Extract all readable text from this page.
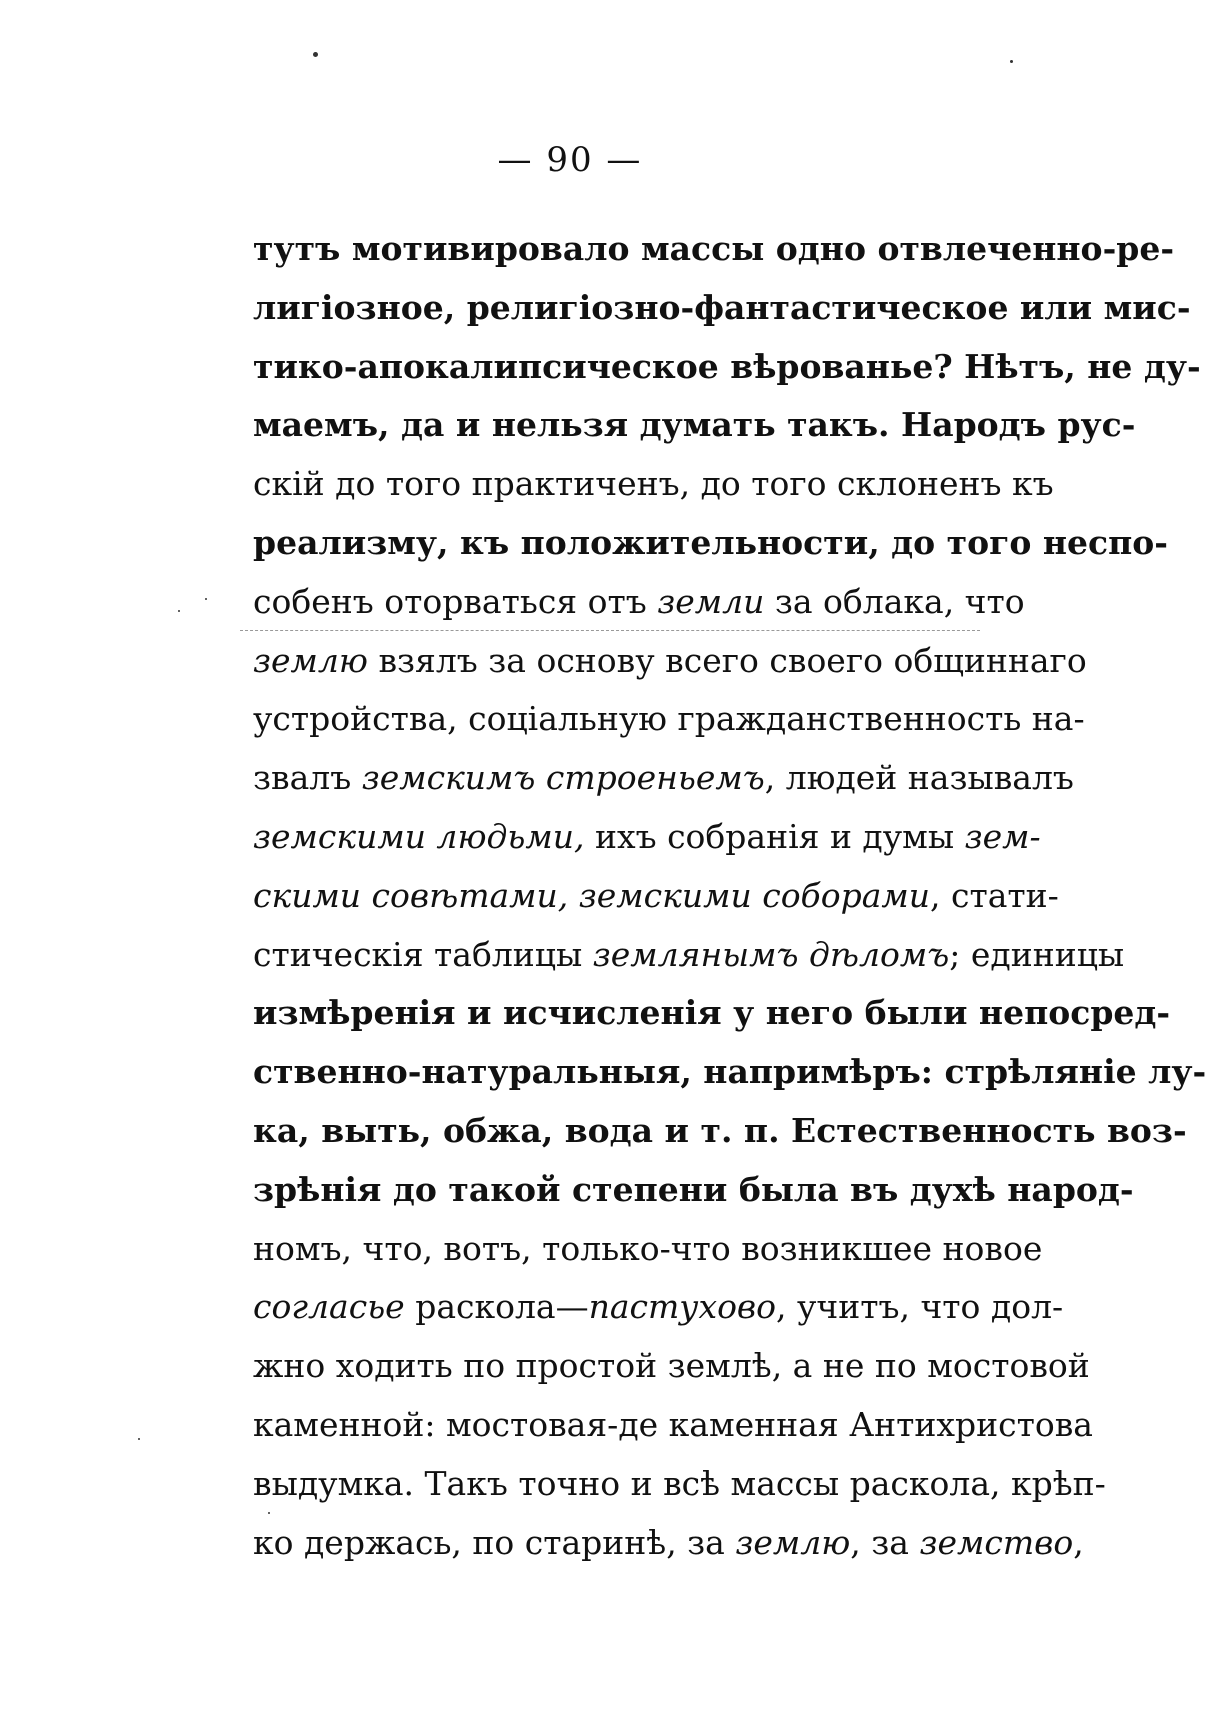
— 90 —
тутъ мотивировало массы одно отвлеченно-ре-
лигіозное, религіозно-фантастическое или мис-
тико-апокалипсическое вѣрованье? Нѣтъ, не ду-
маемъ, да и нельзя думать такъ. Народъ рус-
скій до того практиченъ, до того склоненъ къ
реализму, къ положительности, до того неспо-
собенъ оторваться отъ земли за облака, что
землю взялъ за основу всего своего общиннаго
устройства, соціальную гражданственность на-
звалъ земскимъ строеньемъ, людей называлъ
земскими людьми, ихъ собранія и думы зем-
скими совѣтами, земскими соборами, стати-
стическія таблицы землянымъ дѣломъ; единицы
измѣренія и исчисленія у него были непосред-
ственно-натуральныя, напримѣръ: стрѣляніе лу-
ка, выть, обжа, вода и т. п. Естественность воз-
зрѣнія до такой степени была въ духѣ народ-
номъ, что, вотъ, только-что возникшее новое
согласье раскола—пастухово, учитъ, что дол-
жно ходить по простой землѣ, а не по мостовой
каменной: мостовая-де каменная Антихристова
выдумка. Такъ точно и всѣ массы раскола, крѣп-
ко держась, по старинѣ, за землю, за земство,
